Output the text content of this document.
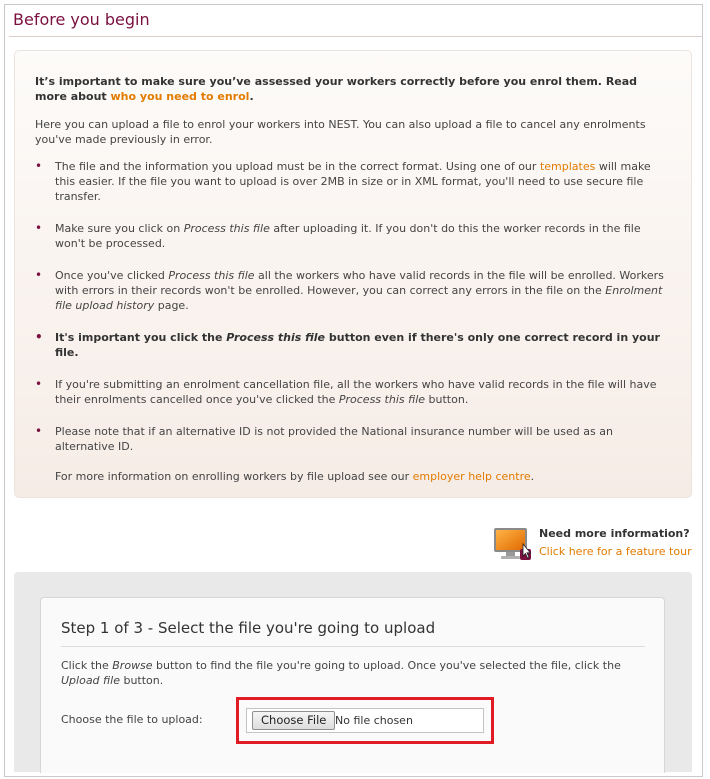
Before you begin

It’s important to make sure you’ve assessed your workers correctly before you enrol them. Read more about who you need to enrol.

Here you can upload a file to enrol your workers into NEST. You can also upload a file to cancel any enrolments you've made previously in error.

• The file and the information you upload must be in the correct format. Using one of our templates will make this easier. If the file you want to upload is over 2MB in size or in XML format, you'll need to use secure file transfer.
• Make sure you click on Process this file after uploading it. If you don't do this the worker records in the file won't be processed.
• Once you've clicked Process this file all the workers who have valid records in the file will be enrolled. Workers with errors in their records won't be enrolled. However, you can correct any errors in the file on the Enrolment file upload history page.
• It's important you click the Process this file button even if there's only one correct record in your file.
• If you're submitting an enrolment cancellation file, all the workers who have valid records in the file will have their enrolments cancelled once you've clicked the Process this file button.
• Please note that if an alternative ID is not provided the National insurance number will be used as an alternative ID.

For more information on enrolling workers by file upload see our employer help centre.

Need more information?
Click here for a feature tour
Step 1 of 3 - Select the file you're going to upload
Click the Browse button to find the file you're going to upload. Once you've selected the file, click the Upload file button.
Choose the file to upload:	Choose File No file chosen
